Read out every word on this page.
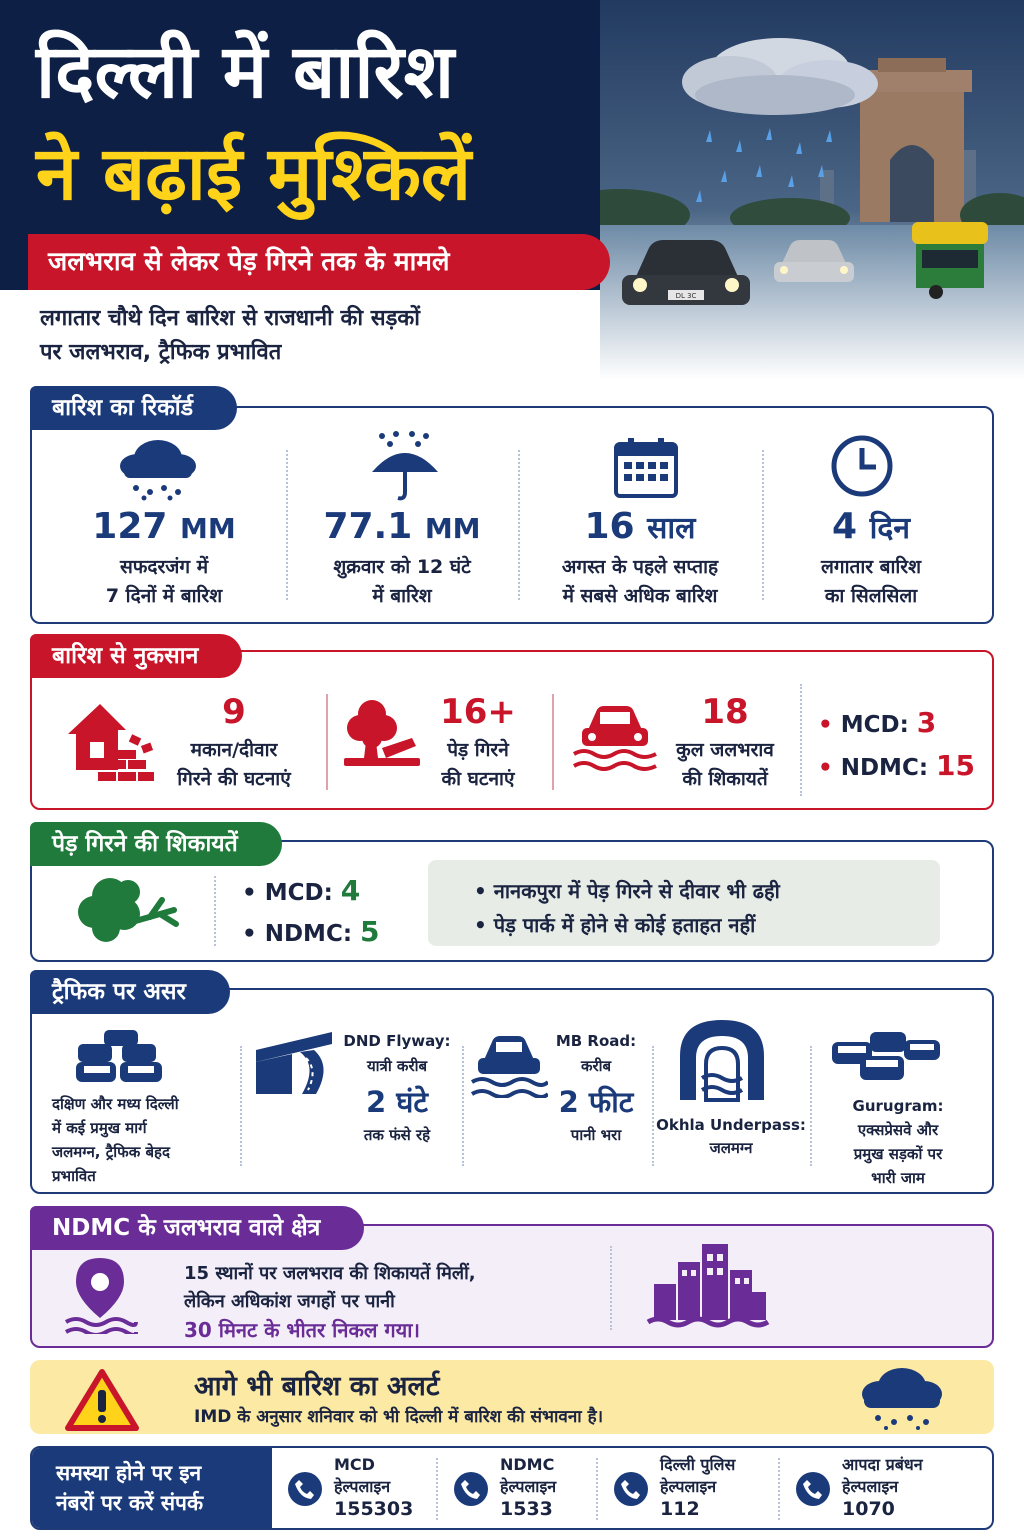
DL 3C
दिल्ली में बारिश
ने बढ़ाई मुश्किलें
जलभराव से लेकर पेड़ गिरने तक के मामले
लगातार चौथे दिन बारिश से राजधानी की सड़कों
पर जलभराव, ट्रैफिक प्रभावित
बारिश का रिकॉर्ड
127 MM
सफदरजंग में
7 दिनों में बारिश
77.1 MM
शुक्रवार को 12 घंटे
में बारिश
16 साल
अगस्त के पहले सप्ताह
में सबसे अधिक बारिश
4 दिन
लगातार बारिश
का सिलसिला
बारिश से नुकसान
9
मकान/दीवार
गिरने की घटनाएं
16+
पेड़ गिरने
की घटनाएं
18
कुल जलभराव
की शिकायतें
• MCD: 3
• NDMC: 15
पेड़ गिरने की शिकायतें
• MCD: 4
• NDMC: 5
• नानकपुरा में पेड़ गिरने से दीवार भी ढही
• पेड़ पार्क में होने से कोई हताहत नहीं
ट्रैफिक पर असर
दक्षिण और मध्य दिल्ली
में कई प्रमुख मार्ग
जलमग्न, ट्रैफिक बेहद
प्रभावित
DND Flyway:
यात्री करीब
2 घंटे
तक फंसे रहे
MB Road:
करीब
2 फीट
पानी भरा
Okhla Underpass:
जलमग्न
Gurugram:
एक्सप्रेसवे और
प्रमुख सड़कों पर
भारी जाम
NDMC के जलभराव वाले क्षेत्र
15 स्थानों पर जलभराव की शिकायतें मिलीं,
लेकिन अधिकांश जगहों पर पानी
30 मिनट के भीतर निकल गया।
आगे भी बारिश का अलर्ट
IMD के अनुसार शनिवार को भी दिल्ली में बारिश की संभावना है।
समस्या होने पर इन
नंबरों पर करें संपर्क
MCD
हेल्पलाइन
155303
NDMC
हेल्पलाइन
1533
दिल्ली पुलिस
हेल्पलाइन
112
आपदा प्रबंधन
हेल्पलाइन
1070
